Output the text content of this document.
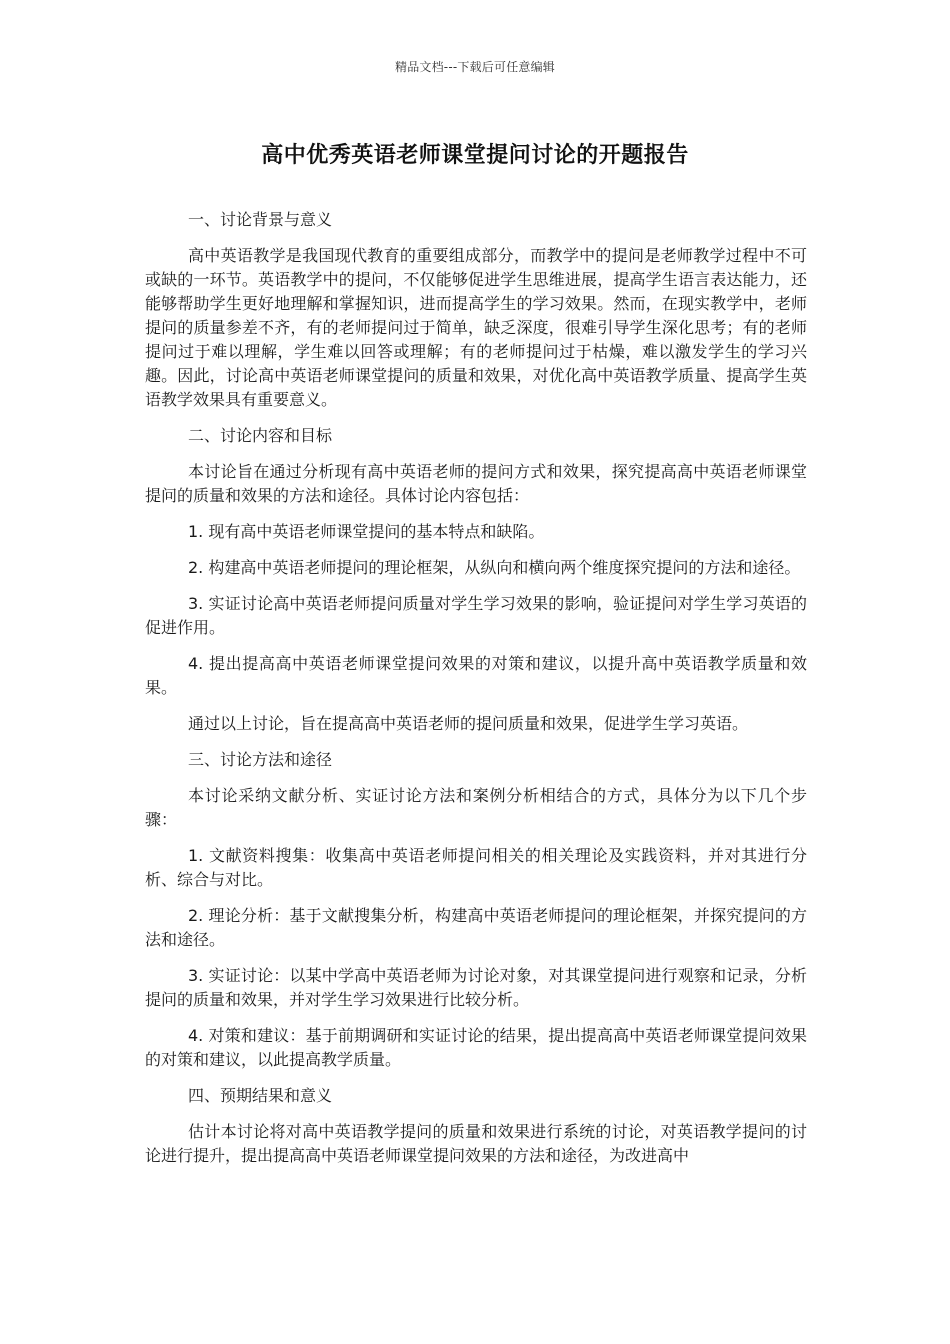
精品文档---下载后可任意编辑
高中优秀英语老师课堂提问讨论的开题报告

一、讨论背景与意义

高中英语教学是我国现代教育的重要组成部分，而教学中的提问是老师教学过程中不可或缺的一环节。英语教学中的提问，不仅能够促进学生思维进展，提高学生语言表达能力，还能够帮助学生更好地理解和掌握知识，进而提高学生的学习效果。然而，在现实教学中，老师提问的质量参差不齐，有的老师提问过于简单，缺乏深度，很难引导学生深化思考；有的老师提问过于难以理解，学生难以回答或理解；有的老师提问过于枯燥，难以激发学生的学习兴趣。因此，讨论高中英语老师课堂提问的质量和效果，对优化高中英语教学质量、提高学生英语教学效果具有重要意义。

二、讨论内容和目标

本讨论旨在通过分析现有高中英语老师的提问方式和效果，探究提高高中英语老师课堂提问的质量和效果的方法和途径。具体讨论内容包括：

1. 现有高中英语老师课堂提问的基本特点和缺陷。

2. 构建高中英语老师提问的理论框架，从纵向和横向两个维度探究提问的方法和途径。

3. 实证讨论高中英语老师提问质量对学生学习效果的影响，验证提问对学生学习英语的促进作用。

4. 提出提高高中英语老师课堂提问效果的对策和建议，以提升高中英语教学质量和效果。

通过以上讨论，旨在提高高中英语老师的提问质量和效果，促进学生学习英语。

三、讨论方法和途径

本讨论采纳文献分析、实证讨论方法和案例分析相结合的方式，具体分为以下几个步骤：

1. 文献资料搜集：收集高中英语老师提问相关的相关理论及实践资料，并对其进行分析、综合与对比。

2. 理论分析：基于文献搜集分析，构建高中英语老师提问的理论框架，并探究提问的方法和途径。

3. 实证讨论：以某中学高中英语老师为讨论对象，对其课堂提问进行观察和记录，分析提问的质量和效果，并对学生学习效果进行比较分析。

4. 对策和建议：基于前期调研和实证讨论的结果，提出提高高中英语老师课堂提问效果的对策和建议，以此提高教学质量。

四、预期结果和意义

估计本讨论将对高中英语教学提问的质量和效果进行系统的讨论，对英语教学提问的讨论进行提升，提出提高高中英语老师课堂提问效果的方法和途径，为改进高中
